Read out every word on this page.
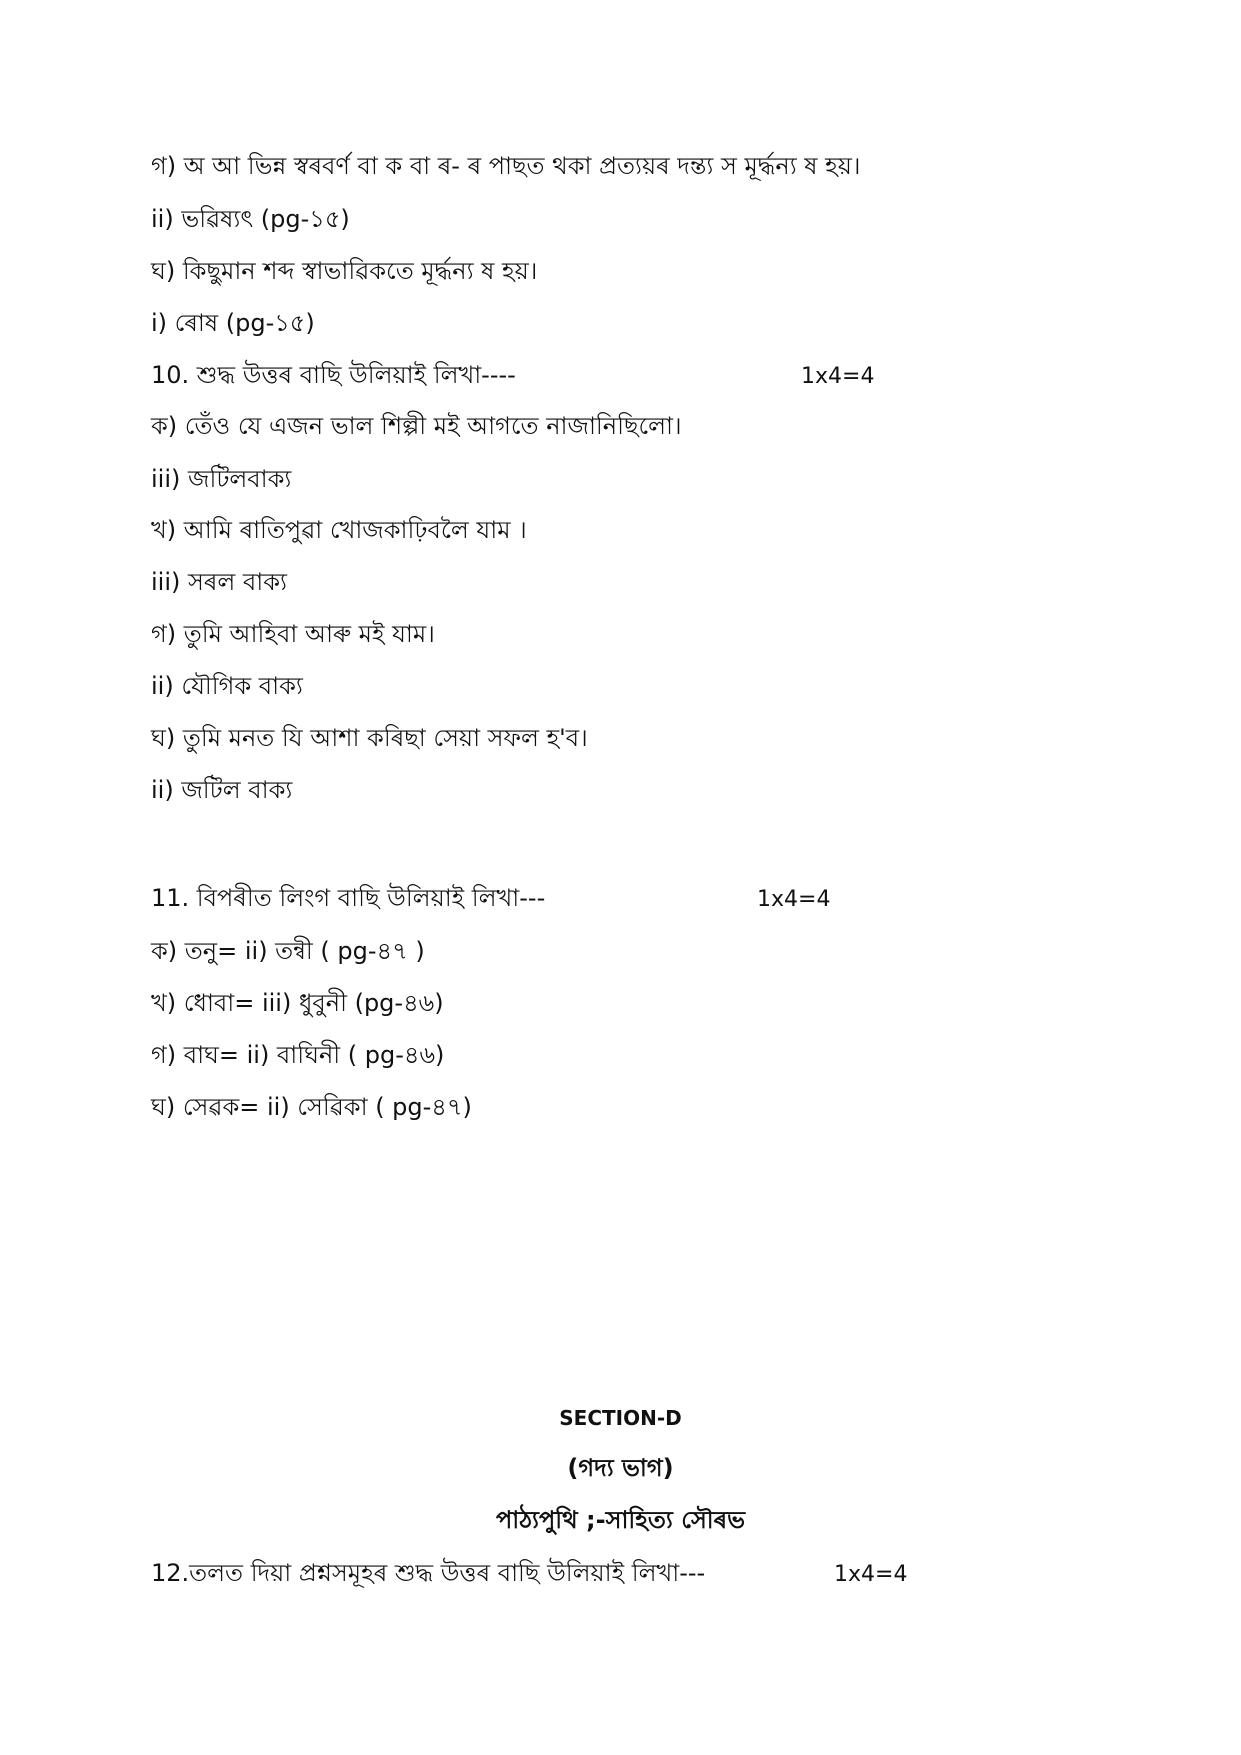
গ) অ আ ভিন্ন স্বৰবৰ্ণ বা ক বা ৰ- ৰ পাছত থকা প্ৰত্যয়ৰ দন্ত্য স মূৰ্দ্ধন্য ষ হয়।
ii) ভৱিষ্যৎ (pg-১৫)
ঘ) কিছুমান শব্দ স্বাভাৱিকতে মূৰ্দ্ধন্য ষ হয়।
i) ৰোষ (pg-১৫)
10. শুদ্ধ উত্তৰ বাছি উলিয়াই লিখা----	1x4=4
ক) তেঁও যে এজন ভাল শিল্পী মই আগতে নাজানিছিলো।
iii) জটিলবাক্য
খ) আমি ৰাতিপুৱা খোজকাঢ়িবলৈ যাম ।
iii) সৰল বাক্য
গ) তুমি আহিবা আৰু মই যাম।
ii) যৌগিক বাক্য
ঘ) তুমি মনত যি আশা কৰিছা সেয়া সফল হ'ব।
ii) জটিল বাক্য
11. বিপৰীত লিংগ বাছি উলিয়াই লিখা---	1x4=4
ক) তনু= ii) তন্বী ( pg-৪৭ )
খ) ধোবা= iii) ধুবুনী (pg-৪৬)
গ) বাঘ= ii) বাঘিনী ( pg-৪৬)
ঘ) সেৱক= ii) সেৱিকা ( pg-৪৭)
SECTION-D
(গদ্য ভাগ)
পাঠ্যপুথি ;-সাহিত্য সৌৰভ
12.তলত দিয়া প্ৰশ্নসমূহৰ শুদ্ধ উত্তৰ বাছি উলিয়াই লিখা---	1x4=4
